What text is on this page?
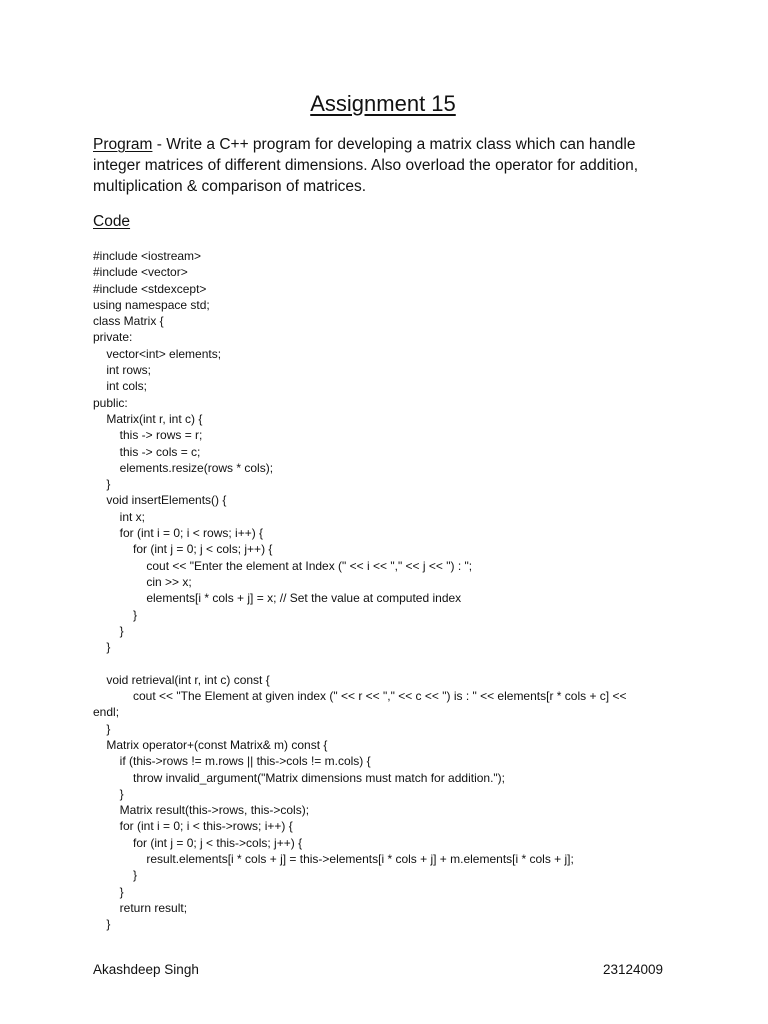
Assignment 15
Program - Write a C++ program for developing a matrix class which can handle integer matrices of different dimensions. Also overload the operator for addition, multiplication & comparison of matrices.
Code
#include <iostream>
#include <vector>
#include <stdexcept>
using namespace std;
class Matrix {
private:
vector<int> elements;
int rows;
int cols;
public:
Matrix(int r, int c) {
this -> rows = r;
this -> cols = c;
elements.resize(rows * cols);
}
void insertElements() {
int x;
for (int i = 0; i < rows; i++) {
for (int j = 0; j < cols; j++) {
cout << "Enter the element at Index (" << i << "," << j << ") : ";
cin >> x;
elements[i * cols + j] = x; // Set the value at computed index
}
}
}
void retrieval(int r, int c) const {
cout << "The Element at given index (" << r << "," << c << ") is : " << elements[r * cols + c] <<
endl;
}
Matrix operator+(const Matrix& m) const {
if (this->rows != m.rows || this->cols != m.cols) {
throw invalid_argument("Matrix dimensions must match for addition.");
}
Matrix result(this->rows, this->cols);
for (int i = 0; i < this->rows; i++) {
for (int j = 0; j < this->cols; j++) {
result.elements[i * cols + j] = this->elements[i * cols + j] + m.elements[i * cols + j];
}
}
return result;
}
Akashdeep Singh	23124009
